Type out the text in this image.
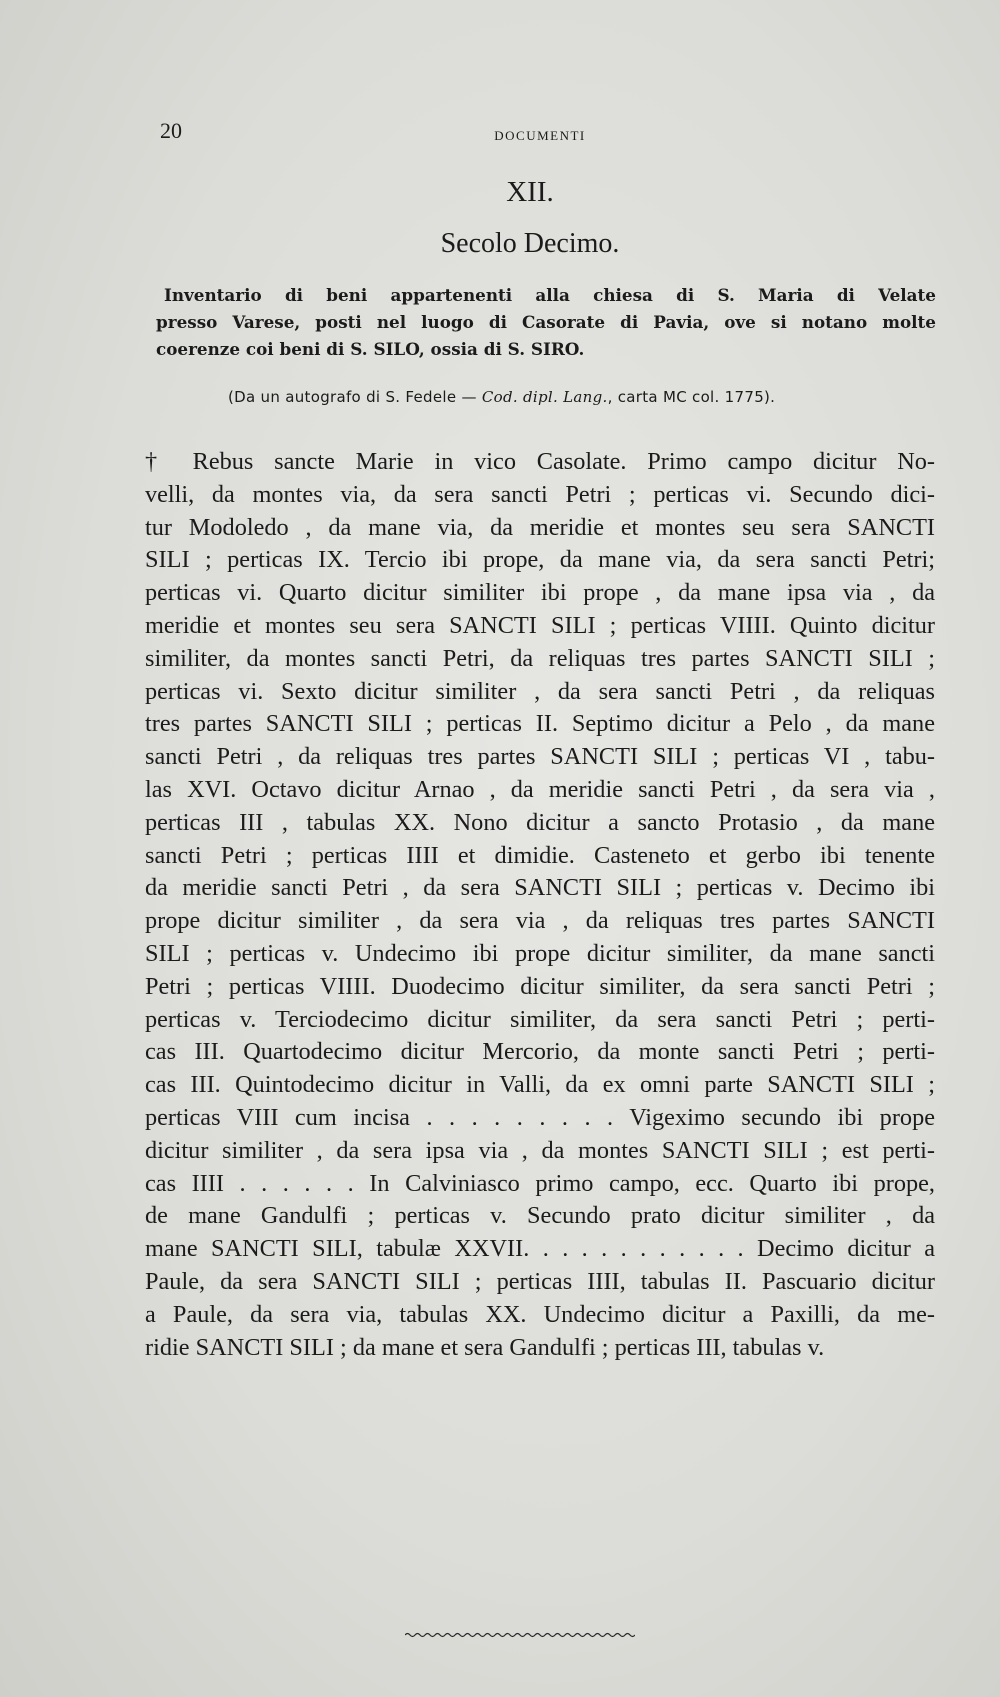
20	DOCUMENTI
XII.
Secolo Decimo.
Inventario di beni appartenenti alla chiesa di S. Maria di Velate
presso Varese, posti nel luogo di Casorate di Pavia, ove si notano molte
coerenze coi beni di S. SILO, ossia di S. SIRO.
(Da un autografo di S. Fedele — Cod. dipl. Lang., carta MC col. 1775).
† Rebus sancte Marie in vico Casolate. Primo campo dicitur No-
velli, da montes via, da sera sancti Petri ; perticas vi. Secundo dici-
tur Modoledo , da mane via, da meridie et montes seu sera SANCTI
SILI ; perticas IX. Tercio ibi prope, da mane via, da sera sancti Petri;
perticas vi. Quarto dicitur similiter ibi prope , da mane ipsa via , da
meridie et montes seu sera SANCTI SILI ; perticas VIIII. Quinto dicitur
similiter, da montes sancti Petri, da reliquas tres partes SANCTI SILI ;
perticas vi. Sexto dicitur similiter , da sera sancti Petri , da reliquas
tres partes SANCTI SILI ; perticas II. Septimo dicitur a Pelo , da mane
sancti Petri , da reliquas tres partes SANCTI SILI ; perticas VI , tabu-
las XVI. Octavo dicitur Arnao , da meridie sancti Petri , da sera via ,
perticas III , tabulas XX. Nono dicitur a sancto Protasio , da mane
sancti Petri ; perticas IIII et dimidie. Casteneto et gerbo ibi tenente
da meridie sancti Petri , da sera SANCTI SILI ; perticas v. Decimo ibi
prope dicitur similiter , da sera via , da reliquas tres partes SANCTI
SILI ; perticas v. Undecimo ibi prope dicitur similiter, da mane sancti
Petri ; perticas VIIII. Duodecimo dicitur similiter, da sera sancti Petri ;
perticas v. Terciodecimo dicitur similiter, da sera sancti Petri ; perti-
cas III. Quartodecimo dicitur Mercorio, da monte sancti Petri ; perti-
cas III. Quintodecimo dicitur in Valli, da ex omni parte SANCTI SILI ;
perticas VIII cum incisa . . . . . . . . . Vigeximo secundo ibi prope
dicitur similiter , da sera ipsa via , da montes SANCTI SILI ; est perti-
cas IIII . . . . . . In Calviniasco primo campo, ecc. Quarto ibi prope,
de mane Gandulfi ; perticas v. Secundo prato dicitur similiter , da
mane SANCTI SILI, tabulæ XXVII. . . . . . . . . . . . Decimo dicitur a
Paule, da sera SANCTI SILI ; perticas IIII, tabulas II. Pascuario dicitur
a Paule, da sera via, tabulas XX. Undecimo dicitur a Paxilli, da me-
ridie SANCTI SILI ; da mane et sera Gandulfi ; perticas III, tabulas v.
